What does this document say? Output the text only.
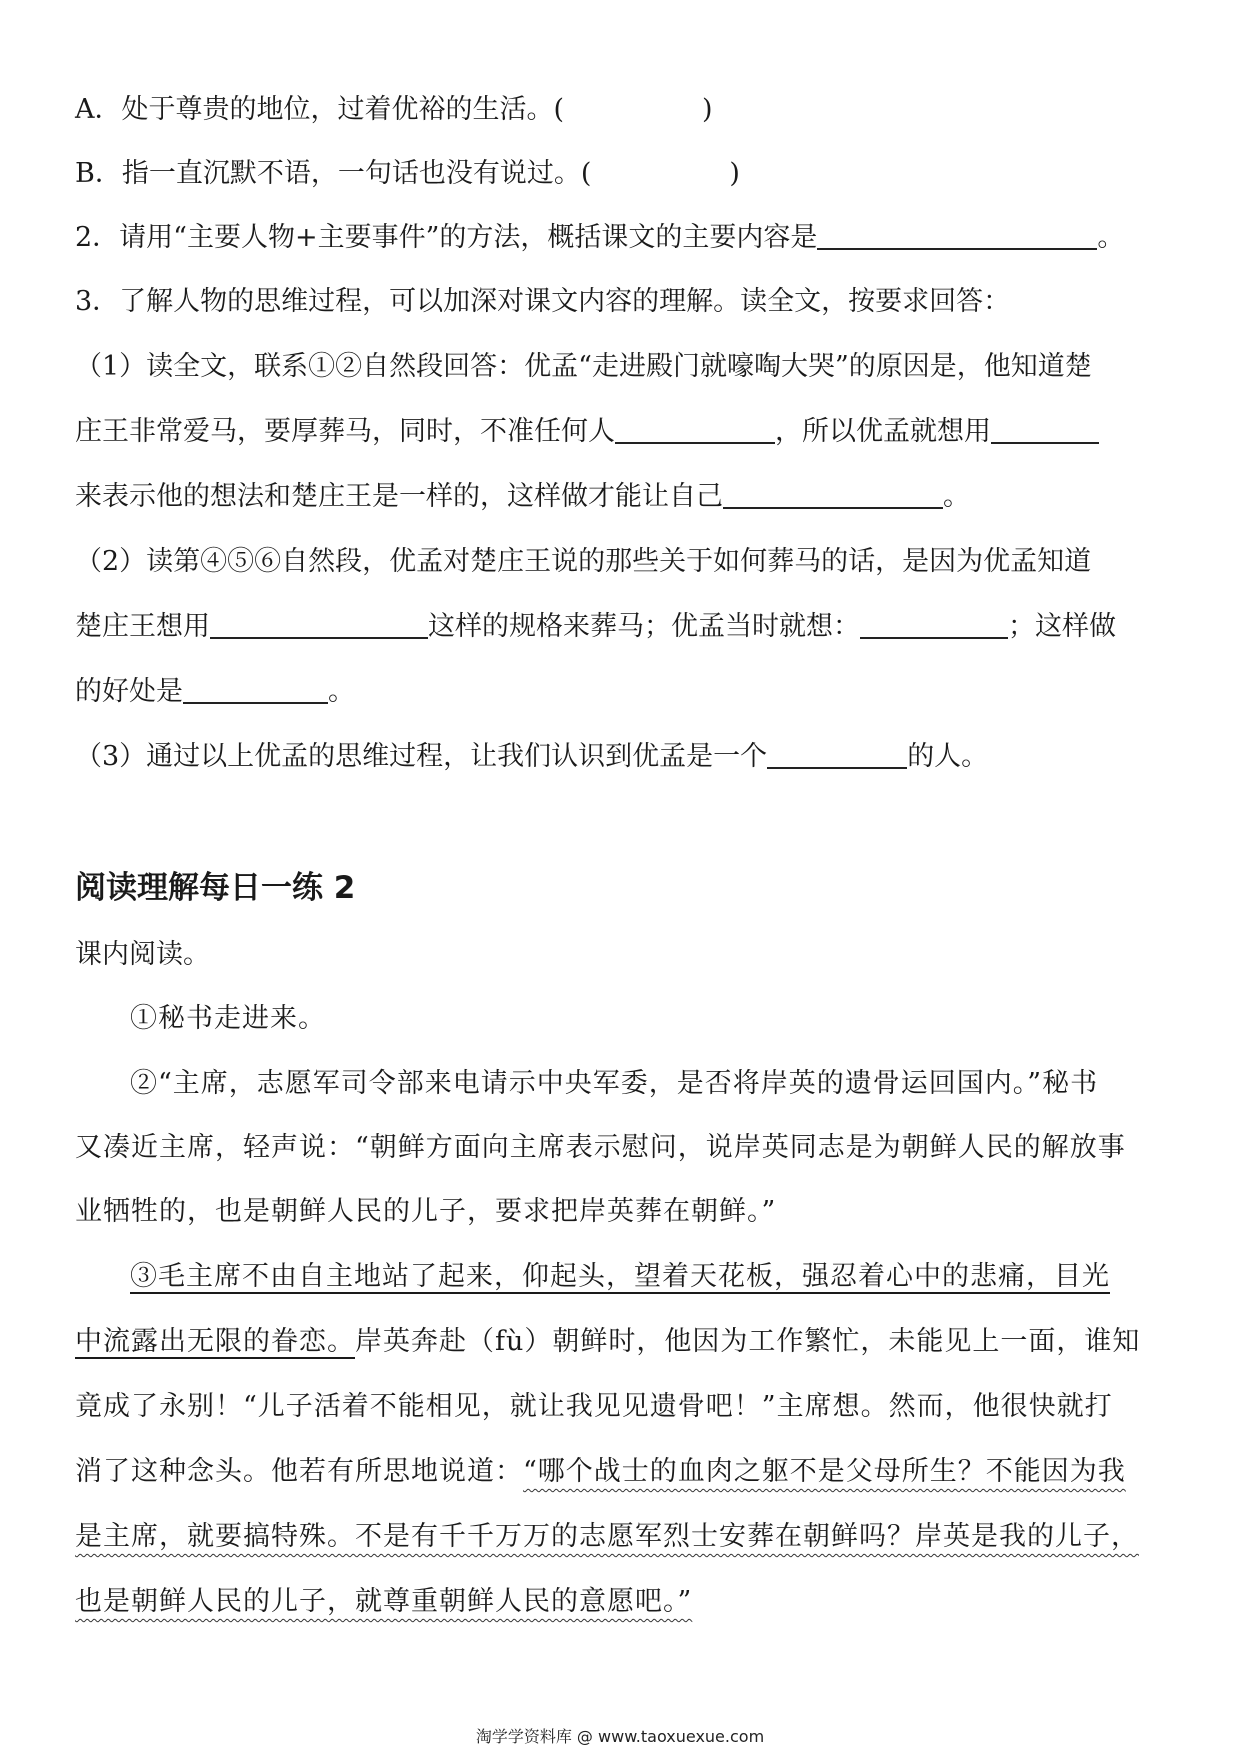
A．处于尊贵的地位，过着优裕的生活。(	)
B．指一直沉默不语，一句话也没有说过。(	)
2．请用“主要人物+主要事件”的方法，概括课文的主要内容是	。
3．了解人物的思维过程，可以加深对课文内容的理解。读全文，按要求回答：
（1）读全文，联系①②自然段回答：优孟“走进殿门就嚎啕大哭”的原因是，他知道楚
庄王非常爱马，要厚葬马，同时，不准任何人	，所以优孟就想用
来表示他的想法和楚庄王是一样的，这样做才能让自己	。
（2）读第④⑤⑥自然段，优孟对楚庄王说的那些关于如何葬马的话，是因为优孟知道
楚庄王想用	这样的规格来葬马；优孟当时就想：	；这样做
的好处是	。
（3）通过以上优孟的思维过程，让我们认识到优孟是一个	的人。
阅读理解每日一练 2
课内阅读。
①秘书走进来。
②“主席，志愿军司令部来电请示中央军委，是否将岸英的遗骨运回国内。”秘书
又凑近主席，轻声说：“朝鲜方面向主席表示慰问，说岸英同志是为朝鲜人民的解放事
业牺牲的，也是朝鲜人民的儿子，要求把岸英葬在朝鲜。”
③毛主席不由自主地站了起来，仰起头，望着天花板，强忍着心中的悲痛，目光
中流露出无限的眷恋。岸英奔赴（fù）朝鲜时，他因为工作繁忙，未能见上一面，谁知
竟成了永别！“儿子活着不能相见，就让我见见遗骨吧！”主席想。然而，他很快就打
消了这种念头。他若有所思地说道：“哪个战士的血肉之躯不是父母所生？不能因为我
是主席，就要搞特殊。不是有千千万万的志愿军烈士安葬在朝鲜吗？岸英是我的儿子，
也是朝鲜人民的儿子，就尊重朝鲜人民的意愿吧。”
淘学学资料库 @ www.taoxuexue.com
